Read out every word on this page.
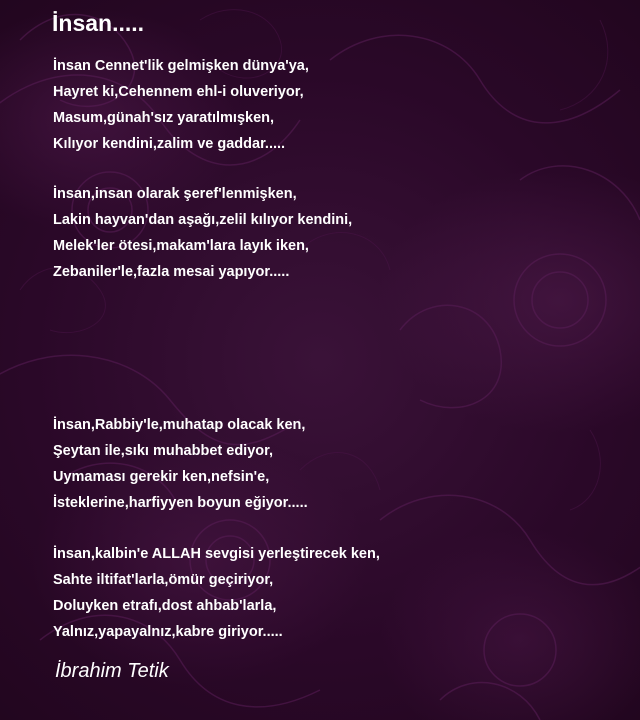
İnsan.....
İnsan Cennet'lik gelmişken dünya'ya,
Hayret ki,Cehennem ehl-i oluveriyor,
Masum,günah'sız yaratılmışken,
Kılıyor kendini,zalim ve gaddar.....
İnsan,insan olarak şeref'lenmişken,
Lakin hayvan'dan aşağı,zelil kılıyor kendini,
Melek'ler ötesi,makam'lara layık iken,
Zebaniler'le,fazla mesai yapıyor.....
İnsan,Rabbiy'le,muhatap olacak ken,
Şeytan ile,sıkı muhabbet ediyor,
Uymaması gerekir ken,nefsin'e,
İsteklerine,harfiyyen boyun eğiyor.....
İnsan,kalbin'e ALLAH sevgisi yerleştirecek ken,
Sahte iltifat'larla,ömür geçiriyor,
Doluyken etrafı,dost ahbab'larla,
Yalnız,yapayalnız,kabre giriyor.....
İbrahim Tetik
